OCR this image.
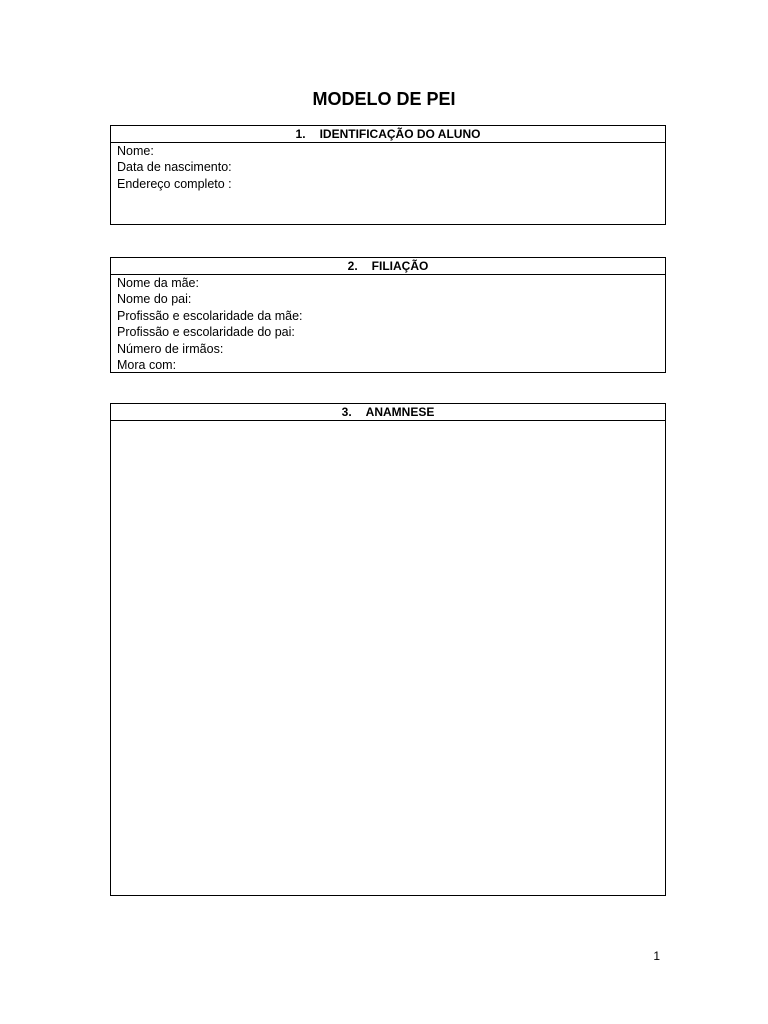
MODELO DE PEI
1. IDENTIFICAÇÃO DO ALUNO
Nome:
Data de nascimento:
Endereço completo :
2. FILIAÇÃO
Nome da mãe:
Nome do pai:
Profissão e escolaridade da mãe:
Profissão e escolaridade do pai:
Número de irmãos:
Mora com:
3. ANAMNESE
1
